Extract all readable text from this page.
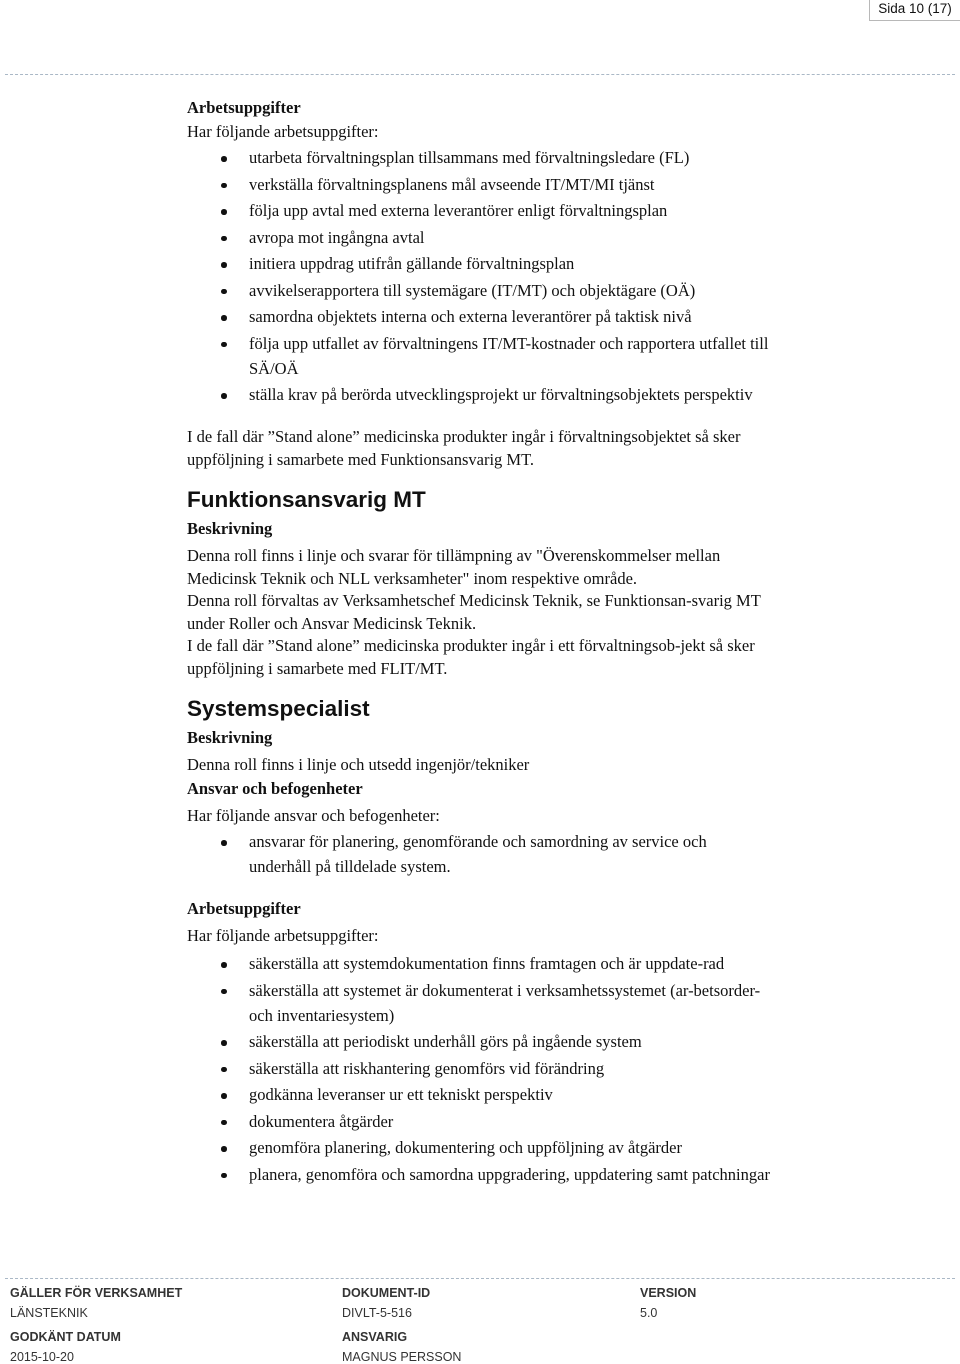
Sida 10 (17)
Arbetsuppgifter
Har följande arbetsuppgifter:
utarbeta förvaltningsplan tillsammans med förvaltningsledare (FL)
verkställa förvaltningsplanens mål avseende IT/MT/MI tjänst
följa upp avtal med externa leverantörer enligt förvaltningsplan
avropa mot ingångna avtal
initiera uppdrag utifrån gällande förvaltningsplan
avvikelserapportera till systemägare (IT/MT) och objektägare (OÄ)
samordna objektets interna och externa leverantörer på taktisk nivå
följa upp utfallet av förvaltningens IT/MT-kostnader och rapportera utfallet till SÄ/OÄ
ställa krav på berörda utvecklingsprojekt ur förvaltningsobjektets perspektiv
I de fall där ”Stand alone” medicinska produkter ingår i förvaltningsobjektet så sker uppföljning i samarbete med Funktionsansvarig MT.
Funktionsansvarig MT
Beskrivning
Denna roll finns i linje och svarar för tillämpning av "Överenskommelser mellan Medicinsk Teknik och NLL verksamheter" inom respektive område.
Denna roll förvaltas av Verksamhetschef Medicinsk Teknik, se Funktionsan-svarig MT under Roller och Ansvar Medicinsk Teknik.
I de fall där ”Stand alone” medicinska produkter ingår i ett förvaltningsob-jekt så sker uppföljning i samarbete med FLIT/MT.
Systemspecialist
Beskrivning
Denna roll finns i linje och utsedd ingenjör/tekniker
Ansvar och befogenheter
Har följande ansvar och befogenheter:
ansvarar för planering, genomförande och samordning av service och underhåll på tilldelade system.
Arbetsuppgifter
Har följande arbetsuppgifter:
säkerställa att systemdokumentation finns framtagen och är uppdate-rad
säkerställa att systemet är dokumenterat i verksamhetssystemet (ar-betsorder- och inventariesystem)
säkerställa att periodiskt underhåll görs på ingående system
säkerställa att riskhantering genomförs vid förändring
godkänna leveranser ur ett tekniskt perspektiv
dokumentera åtgärder
genomföra planering, dokumentering och uppföljning av åtgärder
planera, genomföra och samordna uppgradering, uppdatering samt patchningar
GÄLLER FÖR VERKSAMHET
LÄNSTEKNIK
DOKUMENT-ID
DIVLT-5-516
VERSION
5.0
GODKÄNT DATUM
2015-10-20
ANSVARIG
MAGNUS PERSSON
